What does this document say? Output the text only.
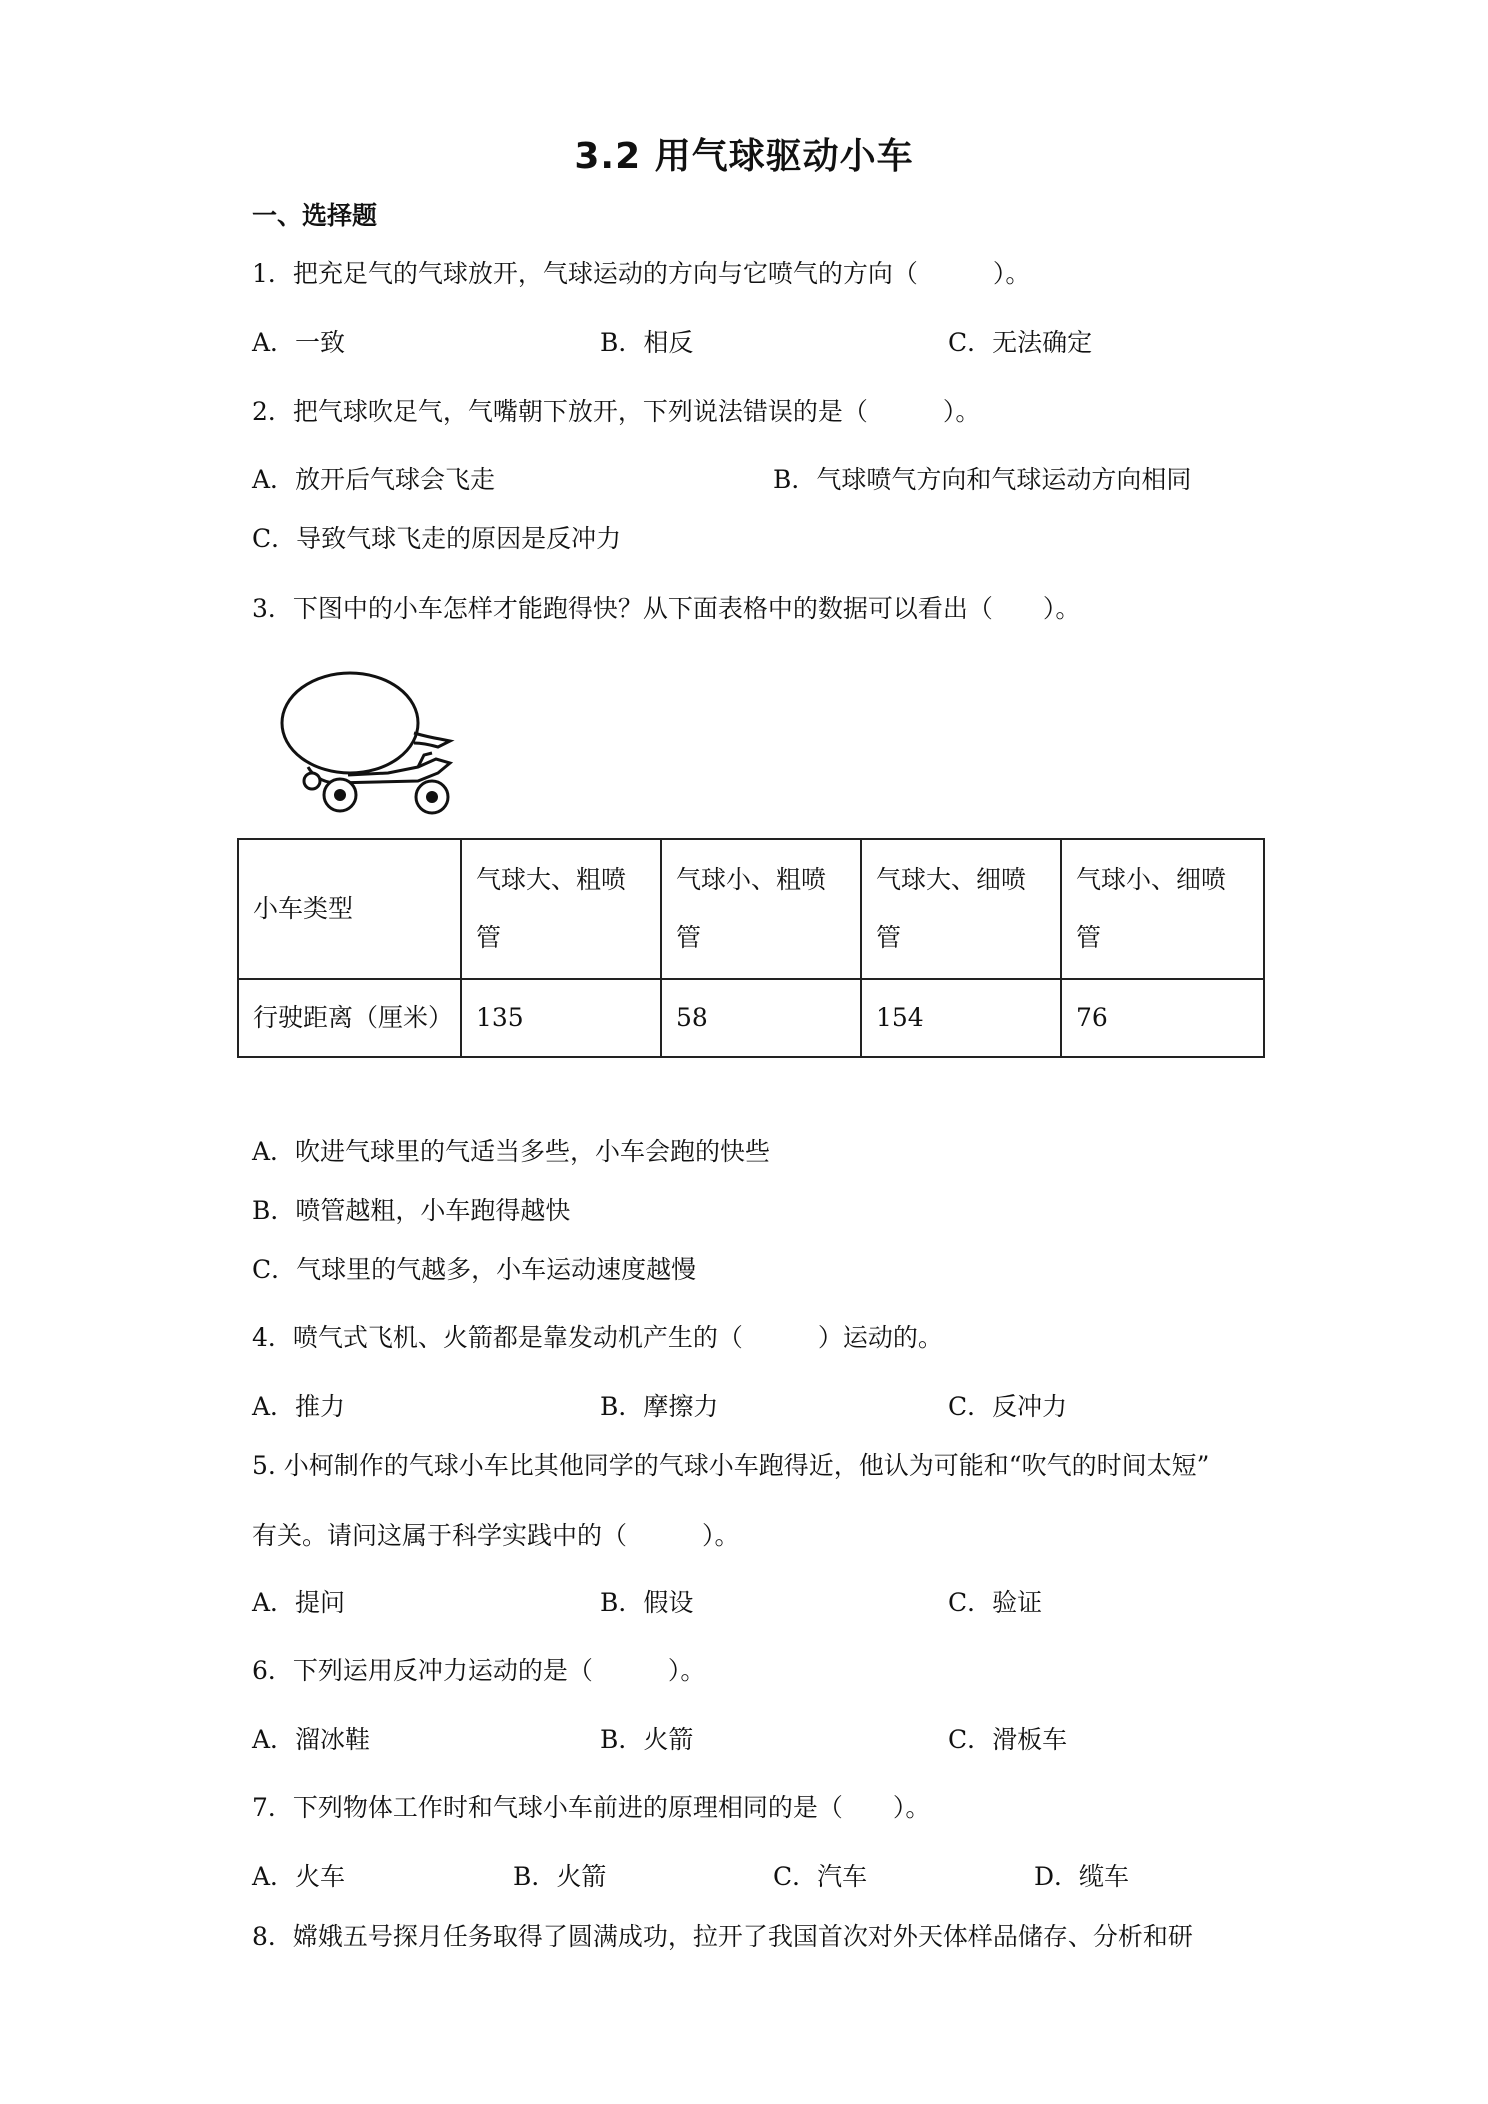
3.2 用气球驱动小车
一、选择题
1．把充足气的气球放开，气球运动的方向与它喷气的方向（　　　）。
A．一致	B．相反	C．无法确定
2．把气球吹足气，气嘴朝下放开，下列说法错误的是（　　　）。
A．放开后气球会飞走	B．气球喷气方向和气球运动方向相同
C．导致气球飞走的原因是反冲力
3．下图中的小车怎样才能跑得快？从下面表格中的数据可以看出（　　）。
小车类型	气球大、粗喷管	气球小、粗喷管	气球大、细喷管	气球小、细喷管
行驶距离（厘米）	135	58	154	76
A．吹进气球里的气适当多些，小车会跑的快些
B．喷管越粗，小车跑得越快
C．气球里的气越多，小车运动速度越慢
4．喷气式飞机、火箭都是靠发动机产生的（　　　）运动的。
A．推力	B．摩擦力	C．反冲力
5. 小柯制作的气球小车比其他同学的气球小车跑得近，他认为可能和“吹气的时间太短”
有关。请问这属于科学实践中的（　　　）。
A．提问	B．假设	C．验证
6．下列运用反冲力运动的是（　　　）。
A．溜冰鞋	B．火箭	C．滑板车
7．下列物体工作时和气球小车前进的原理相同的是（　　）。
A．火车	B．火箭	C．汽车	D．缆车
8．嫦娥五号探月任务取得了圆满成功，拉开了我国首次对外天体样品储存、分析和研
